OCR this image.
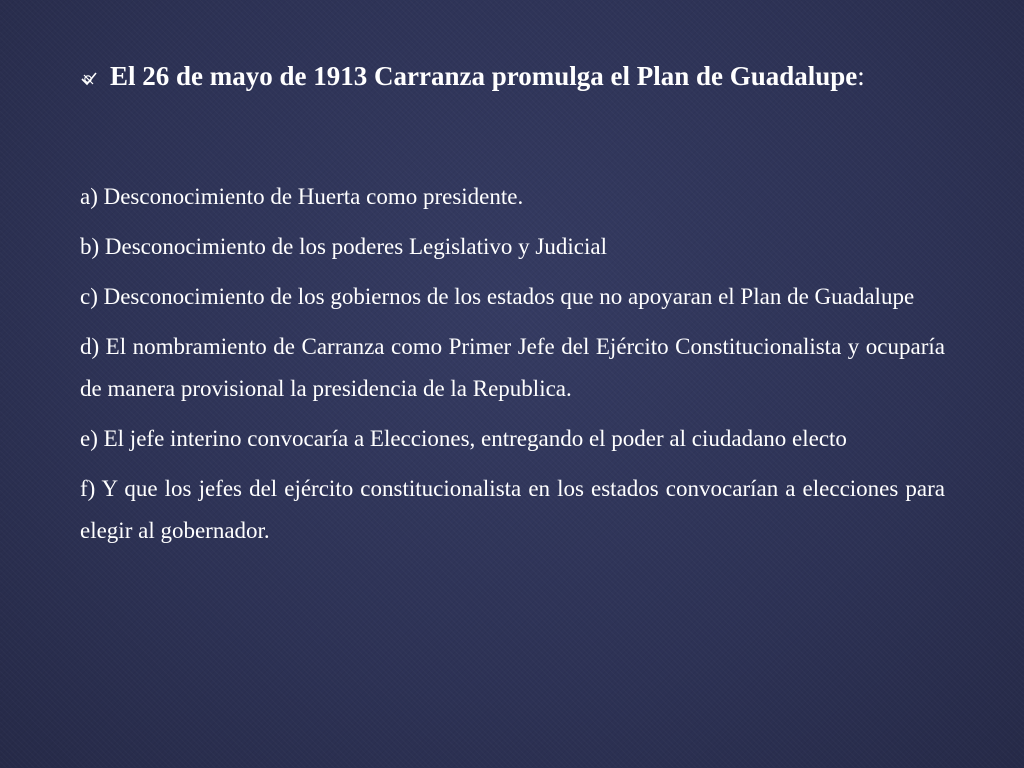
El 26 de mayo de 1913 Carranza promulga el Plan de Guadalupe:
a) Desconocimiento de Huerta como presidente.
b) Desconocimiento de los poderes Legislativo y Judicial
c) Desconocimiento de los gobiernos de los estados que no apoyaran el Plan de Guadalupe
d) El nombramiento de Carranza como Primer Jefe del Ejército Constitucionalista y ocuparía de manera provisional la presidencia de la Republica.
e) El jefe interino convocaría a Elecciones, entregando el poder al ciudadano electo
f) Y que los jefes del ejército constitucionalista en los estados convocarían a elecciones para elegir al gobernador.
